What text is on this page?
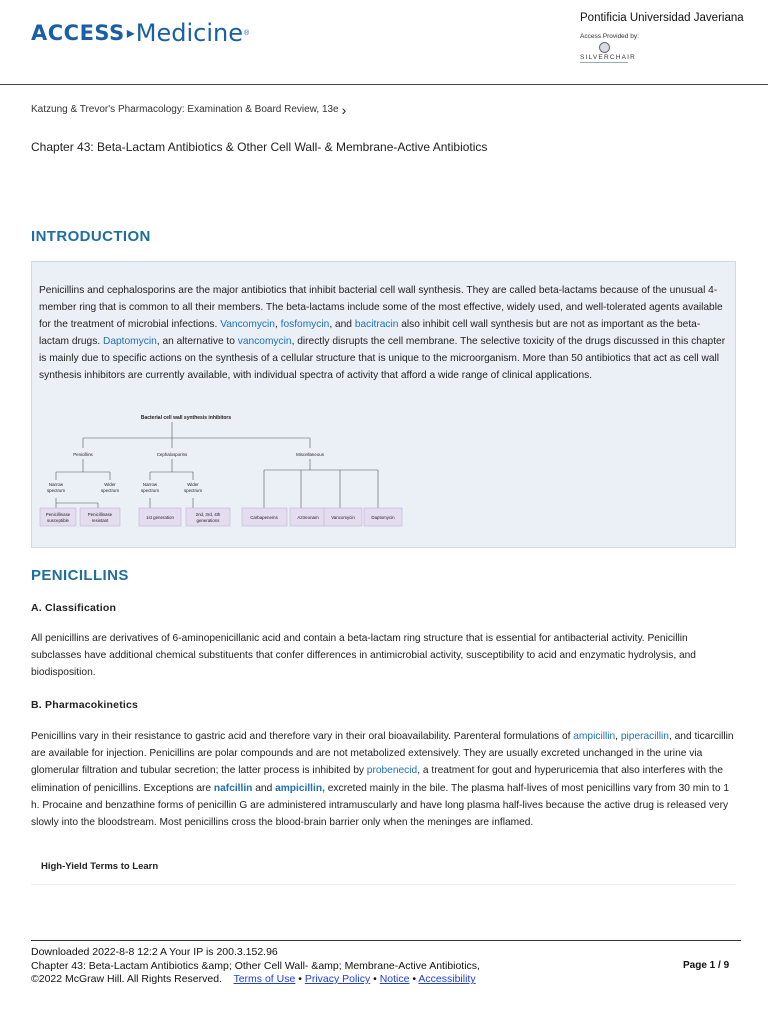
ACCESS ▸ Medicine ®
Pontificia Universidad Javeriana
Access Provided by:
SILVERCHAIR
Katzung & Trevor's Pharmacology: Examination & Board Review, 13e ›
Chapter 43: Beta-Lactam Antibiotics & Other Cell Wall- & Membrane-Active Antibiotics
INTRODUCTION
Penicillins and cephalosporins are the major antibiotics that inhibit bacterial cell wall synthesis. They are called beta-lactams because of the unusual 4-member ring that is common to all their members. The beta-lactams include some of the most effective, widely used, and well-tolerated agents available for the treatment of microbial infections. Vancomycin, fosfomycin, and bacitracin also inhibit cell wall synthesis but are not as important as the beta-lactam drugs. Daptomycin, an alternative to vancomycin, directly disrupts the cell membrane. The selective toxicity of the drugs discussed in this chapter is mainly due to specific actions on the synthesis of a cellular structure that is unique to the microorganism. More than 50 antibiotics that act as cell wall synthesis inhibitors are currently available, with individual spectra of activity that afford a wide range of clinical applications.
Bacterial cell wall synthesis inhibitors
Penicillins	Cephalosporins	Miscellaneous
Narrow
spectrum
Wider
spectrum
Narrow
spectrum
Wider
spectrum
Penicillinase
susceptible
Penicillinase
resistant
1st generation
2nd, 3rd, 4th
generations
Carbapenems	Aztreonam	Vancomycin	Daptomycin
PENICILLINS
A. Classification
All penicillins are derivatives of 6-aminopenicillanic acid and contain a beta-lactam ring structure that is essential for antibacterial activity. Penicillin subclasses have additional chemical substituents that confer differences in antimicrobial activity, susceptibility to acid and enzymatic hydrolysis, and biodisposition.
B. Pharmacokinetics
Penicillins vary in their resistance to gastric acid and therefore vary in their oral bioavailability. Parenteral formulations of ampicillin, piperacillin, and ticarcillin are available for injection. Penicillins are polar compounds and are not metabolized extensively. They are usually excreted unchanged in the urine via glomerular filtration and tubular secretion; the latter process is inhibited by probenecid, a treatment for gout and hyperuricemia that also interferes with the elimination of penicillins. Exceptions are nafcillin and ampicillin, excreted mainly in the bile. The plasma half-lives of most penicillins vary from 30 min to 1 h. Procaine and benzathine forms of penicillin G are administered intramuscularly and have long plasma half-lives because the active drug is released very slowly into the bloodstream. Most penicillins cross the blood-brain barrier only when the meninges are inflamed.
High-Yield Terms to Learn
Downloaded 2022-8-8 12:2 A Your IP is 200.3.152.96
Chapter 43: Beta-Lactam Antibiotics &amp; Other Cell Wall- &amp; Membrane-Active Antibiotics,
©2022 McGraw Hill. All Rights Reserved. Terms of Use • Privacy Policy • Notice • Accessibility
Page 1 / 9
